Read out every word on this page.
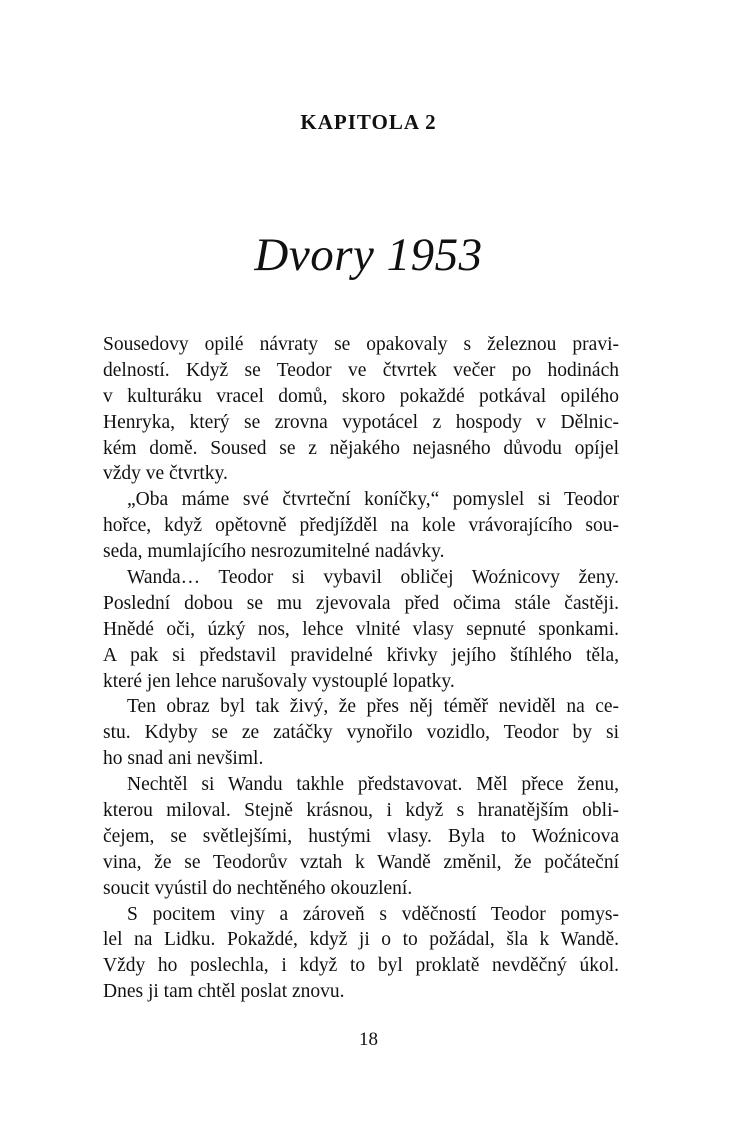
KAPITOLA 2
Dvory 1953
Sousedovy opilé návraty se opakovaly s železnou pravi-
delností. Když se Teodor ve čtvrtek večer po hodinách
v kulturáku vracel domů, skoro pokaždé potkával opilého
Henryka, který se zrovna vypotácel z hospody v Dělnic-
kém domě. Soused se z nějakého nejasného důvodu opíjel
vždy ve čtvrtky.
„Oba máme své čtvrteční koníčky,“ pomyslel si Teodor
hořce, když opětovně předjížděl na kole vrávorajícího sou-
seda, mumlajícího nesrozumitelné nadávky.
Wanda… Teodor si vybavil obličej Woźnicovy ženy.
Poslední dobou se mu zjevovala před očima stále častěji.
Hnědé oči, úzký nos, lehce vlnité vlasy sepnuté sponkami.
A pak si představil pravidelné křivky jejího štíhlého těla,
které jen lehce narušovaly vystouplé lopatky.
Ten obraz byl tak živý, že přes něj téměř neviděl na ce-
stu. Kdyby se ze zatáčky vynořilo vozidlo, Teodor by si
ho snad ani nevšiml.
Nechtěl si Wandu takhle představovat. Měl přece ženu,
kterou miloval. Stejně krásnou, i když s hranatějším obli-
čejem, se světlejšími, hustými vlasy. Byla to Woźnicova
vina, že se Teodorův vztah k Wandě změnil, že počáteční
soucit vyústil do nechtěného okouzlení.
S pocitem viny a zároveň s vděčností Teodor pomys-
lel na Lidku. Pokaždé, když ji o to požádal, šla k Wandě.
Vždy ho poslechla, i když to byl proklatě nevděčný úkol.
Dnes ji tam chtěl poslat znovu.
18
